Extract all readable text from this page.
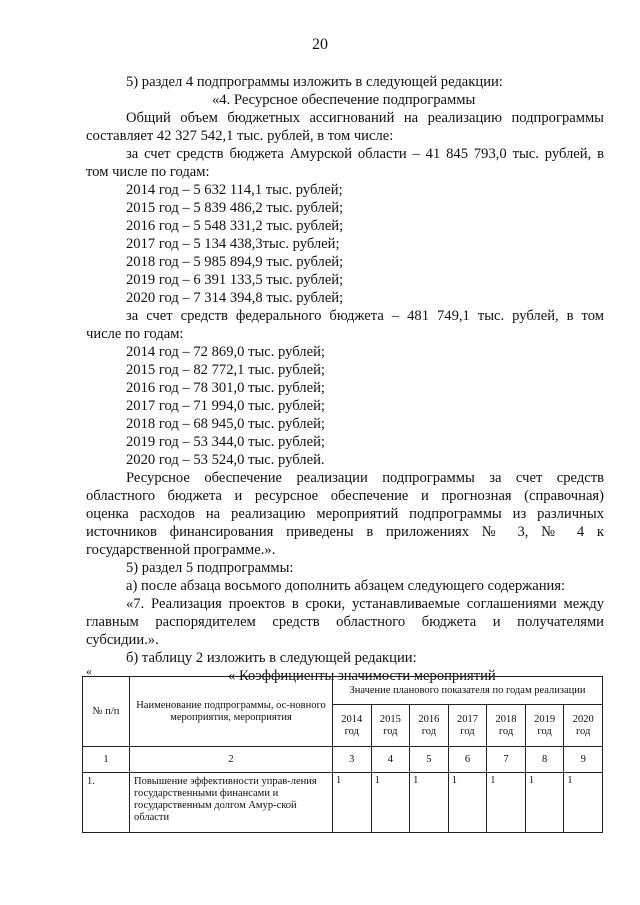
20
5) раздел 4 подпрограммы изложить в следующей редакции:
«4. Ресурсное обеспечение подпрограммы
Общий объем бюджетных ассигнований на реализацию подпрограммы
составляет 42 327 542,1 тыс. рублей, в том числе:
за счет средств бюджета Амурской области – 41 845 793,0 тыс. рублей, в
том числе по годам:
2014 год – 5 632 114,1 тыс. рублей;
2015 год – 5 839 486,2 тыс. рублей;
2016 год – 5 548 331,2 тыс. рублей;
2017 год – 5 134 438,3тыс. рублей;
2018 год – 5 985 894,9 тыс. рублей;
2019 год – 6 391 133,5 тыс. рублей;
2020 год – 7 314 394,8 тыс. рублей;
за счет средств федерального бюджета – 481 749,1 тыс. рублей, в том
числе по годам:
2014 год – 72 869,0 тыс. рублей;
2015 год – 82 772,1 тыс. рублей;
2016 год – 78 301,0 тыс. рублей;
2017 год – 71 994,0 тыс. рублей;
2018 год – 68 945,0 тыс. рублей;
2019 год – 53 344,0 тыс. рублей;
2020 год – 53 524,0 тыс. рублей.
Ресурсное обеспечение реализации подпрограммы за счет средств
областного бюджета и ресурсное обеспечение и прогнозная (справочная)
оценка расходов на реализацию мероприятий подпрограммы из различных
источников финансирования приведены в приложениях № 3, № 4 к
государственной программе.».
5) раздел 5 подпрограммы:
а) после абзаца восьмого дополнить абзацем следующего содержания:
«7. Реализация проектов в сроки, устанавливаемые соглашениями между
главным распорядителем средств областного бюджета и получателями
субсидии.».
б) таблицу 2 изложить в следующей редакции:
« Коэффициенты значимости мероприятий
«
№ п/п	Наименование подпрограммы, ос-новного мероприятия, мероприятия	Значение планового показателя по годам реализации						
		2014 год	2015 год	2016 год	2017 год	2018 год	2019 год	2020 год
1	2	3	4	5	6	7	8	9
1.	Повышение эффективности управ-ления государственными финансами и государственным долгом Амур-ской области	1	1	1	1	1	1	1
